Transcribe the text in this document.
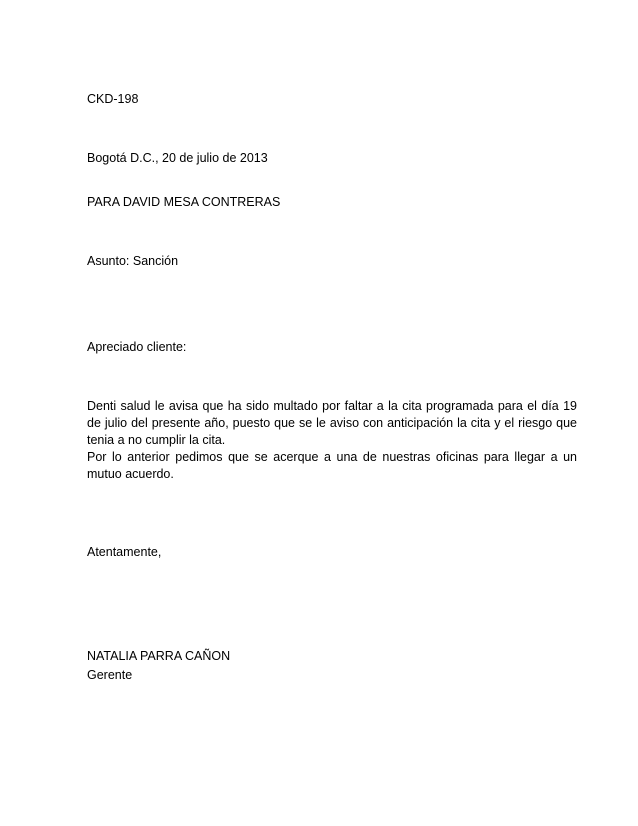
CKD-198
Bogotá D.C., 20 de julio de 2013
PARA DAVID MESA CONTRERAS
Asunto: Sanción
Apreciado cliente:
Denti salud le avisa que ha sido multado por faltar a la cita programada para el día 19 de julio del presente año, puesto que se le aviso con anticipación la cita y el riesgo que tenia a no cumplir la cita.
Por lo anterior pedimos que se acerque a una de nuestras oficinas para llegar a un mutuo acuerdo.
Atentamente,
NATALIA PARRA CAÑON
Gerente
